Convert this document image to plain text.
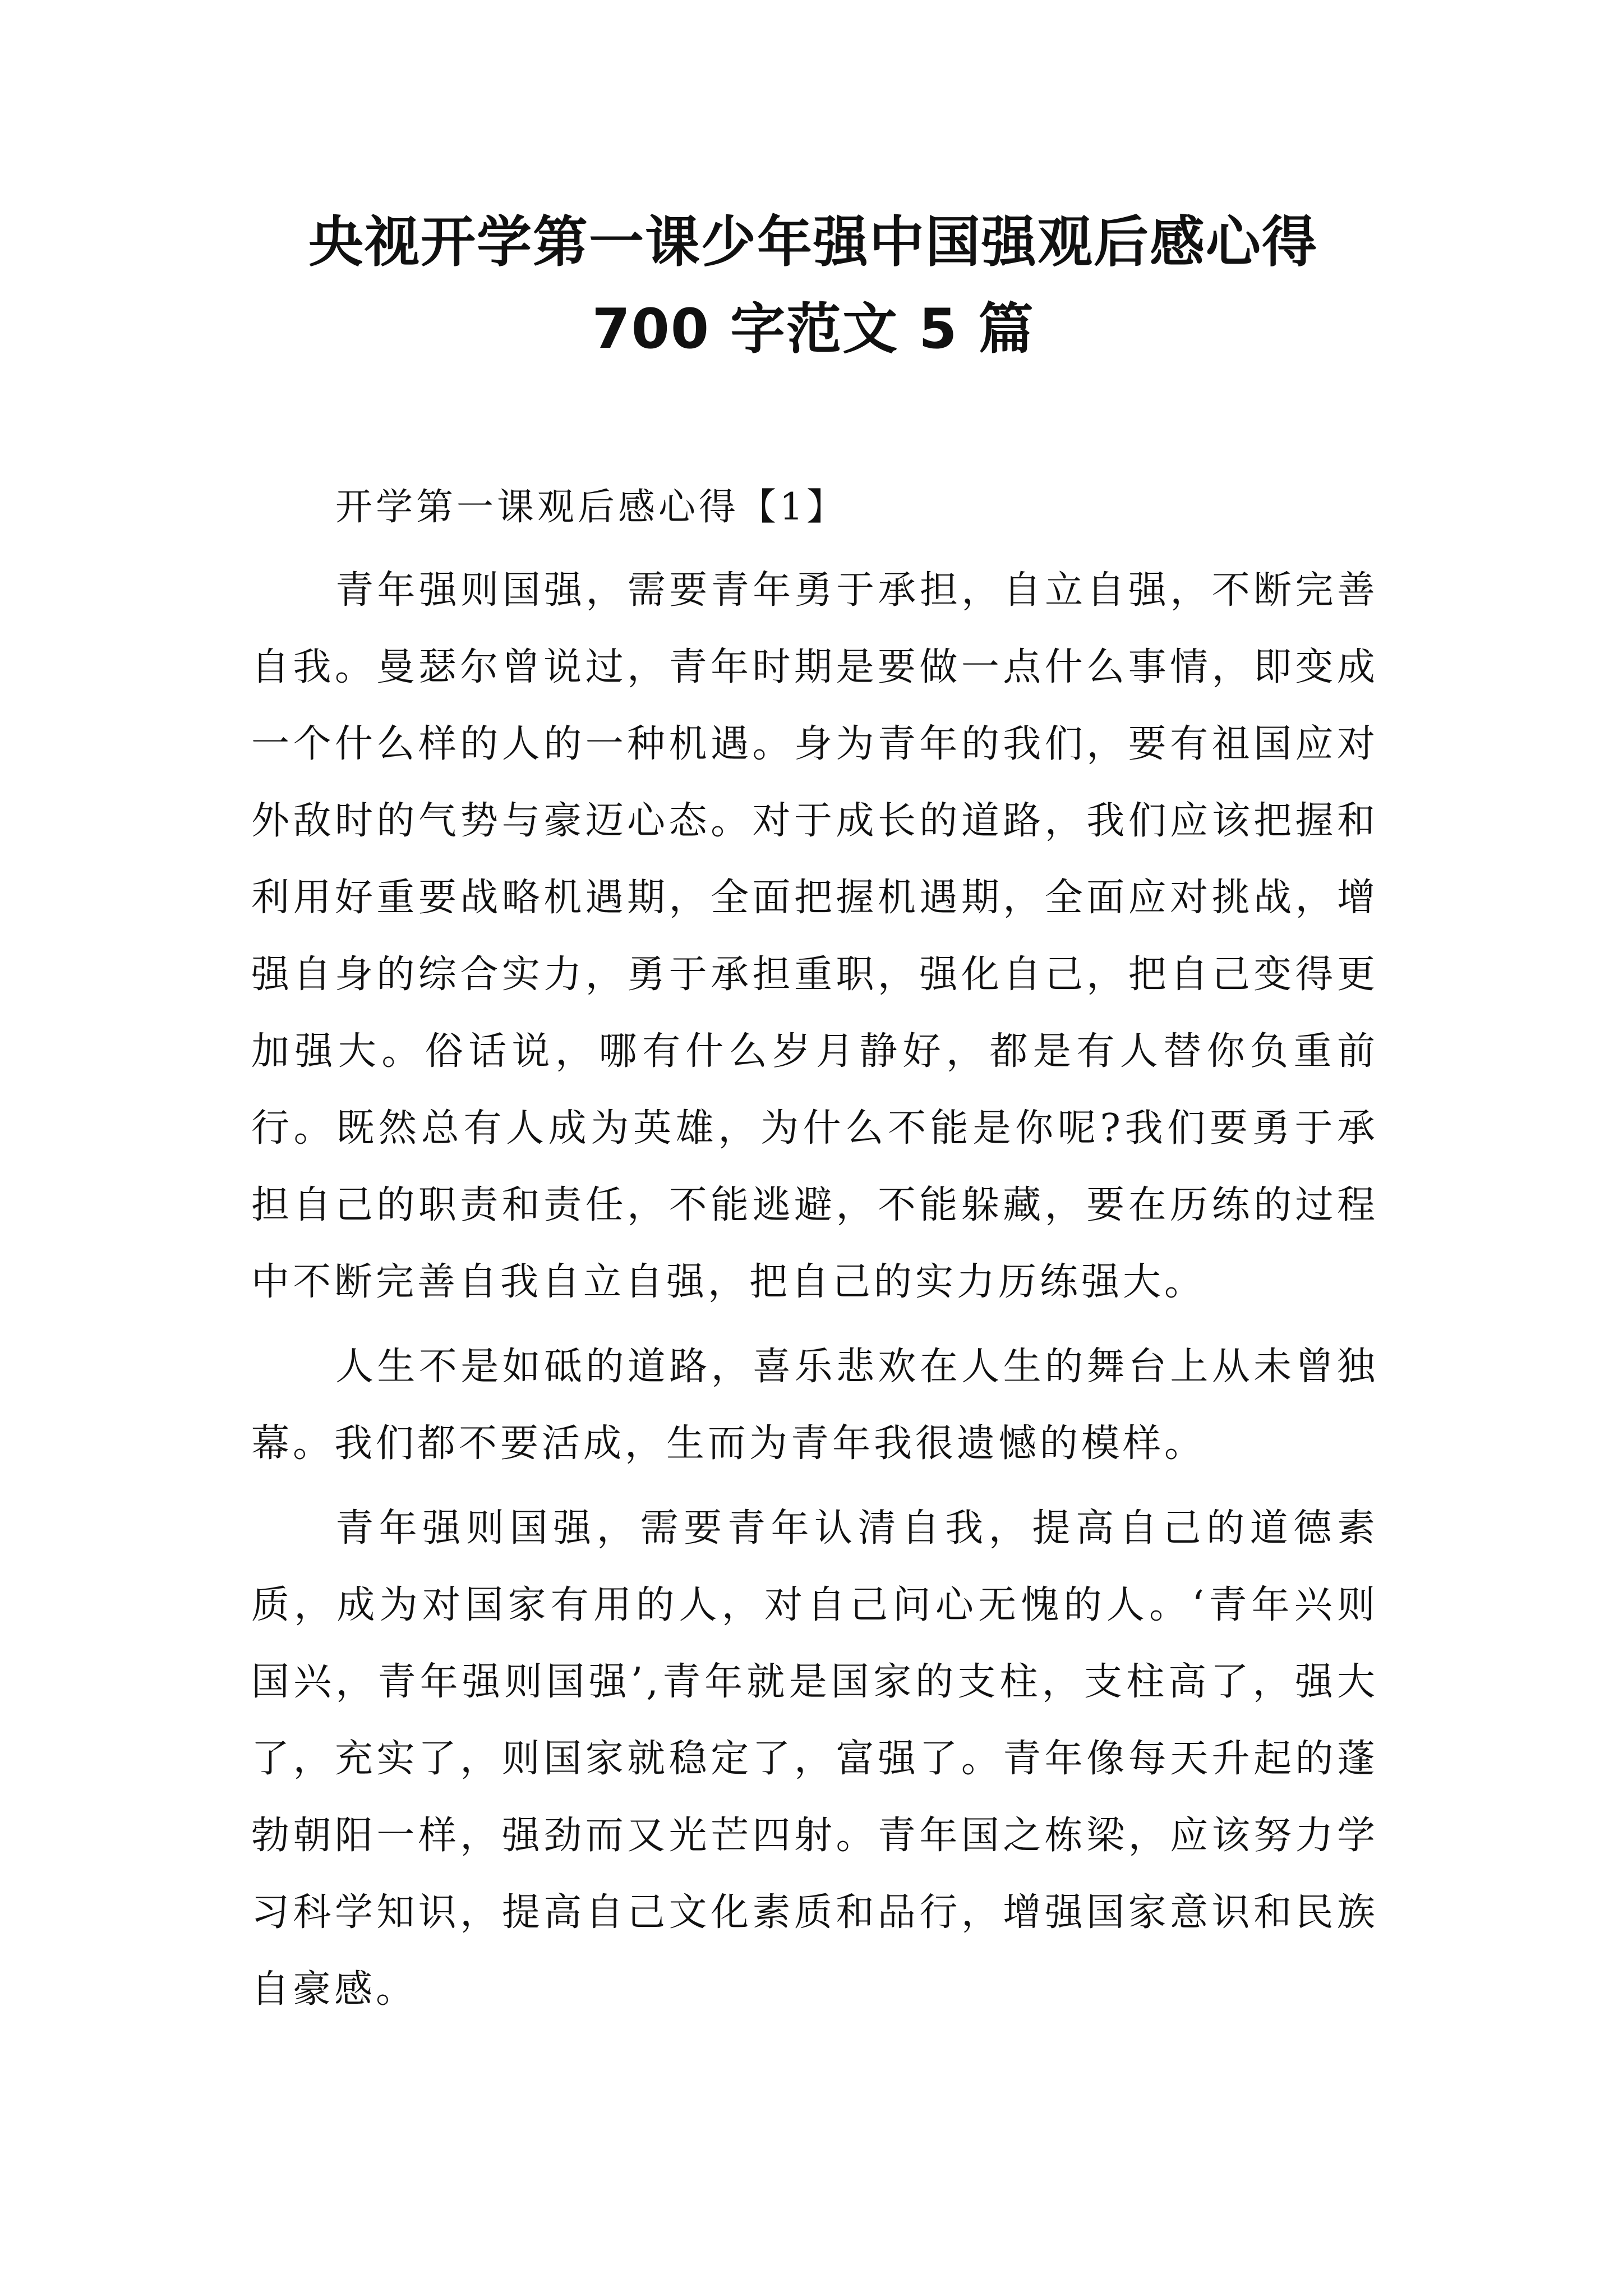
央视开学第一课少年强中国强观后感心得
700 字范文 5 篇

开学第一课观后感心得【1】

青年强则国强，需要青年勇于承担，自立自强，不断完善自我。曼瑟尔曾说过，青年时期是要做一点什么事情，即变成一个什么样的人的一种机遇。身为青年的我们，要有祖国应对外敌时的气势与豪迈心态。对于成长的道路，我们应该把握和利用好重要战略机遇期，全面把握机遇期，全面应对挑战，增强自身的综合实力，勇于承担重职，强化自己，把自己变得更加强大。俗话说，哪有什么岁月静好，都是有人替你负重前行。既然总有人成为英雄，为什么不能是你呢?我们要勇于承担自己的职责和责任，不能逃避，不能躲藏，要在历练的过程中不断完善自我自立自强，把自己的实力历练强大。

人生不是如砥的道路，喜乐悲欢在人生的舞台上从未曾独幕。我们都不要活成，生而为青年我很遗憾的模样。

青年强则国强，需要青年认清自我，提高自己的道德素质，成为对国家有用的人，对自己问心无愧的人。‘青年兴则国兴，青年强则国强’,青年就是国家的支柱，支柱高了，强大了，充实了，则国家就稳定了，富强了。青年像每天升起的蓬勃朝阳一样，强劲而又光芒四射。青年国之栋梁，应该努力学习科学知识，提高自己文化素质和品行，增强国家意识和民族自豪感。
